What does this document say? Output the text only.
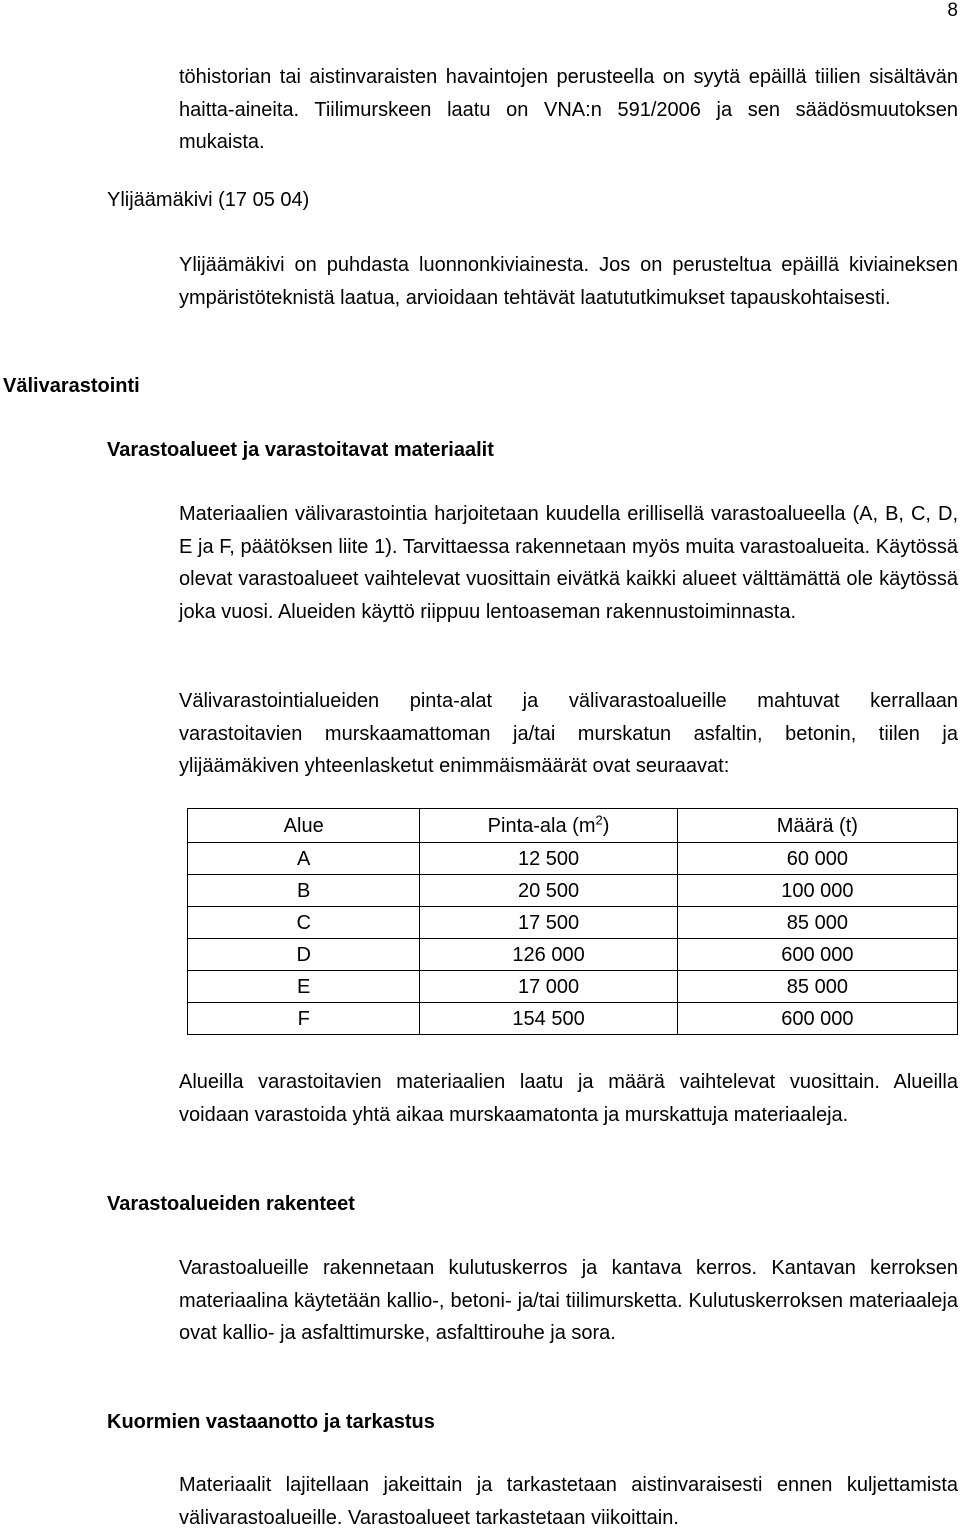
8

töhistorian tai aistinvaraisten havaintojen perusteella on syytä epäillä tiilien sisältävän haitta-aineita. Tiilimurskeen laatu on VNA:n 591/2006 ja sen säädösmuutoksen mukaista.

Ylijäämäkivi (17 05 04)

Ylijäämäkivi on puhdasta luonnonkiviainesta. Jos on perusteltua epäillä kiviaineksen ympäristöteknistä laatua, arvioidaan tehtävät laatututkimukset tapauskohtaisesti.

Välivarastointi
Varastoalueet ja varastoitavat materiaalit

Materiaalien välivarastointia harjoitetaan kuudella erillisellä varastoalueella (A, B, C, D, E ja F, päätöksen liite 1). Tarvittaessa rakennetaan myös muita varastoalueita. Käytössä olevat varastoalueet vaihtelevat vuosittain eivätkä kaikki alueet välttämättä ole käytössä joka vuosi. Alueiden käyttö riippuu lentoaseman rakennustoiminnasta.

Välivarastointialueiden pinta-alat ja välivarastoalueille mahtuvat kerrallaan varastoitavien murskaamattoman ja/tai murskatun asfaltin, betonin, tiilen ja ylijäämäkiven yhteenlasketut enimmäismäärät ovat seuraavat:

Alue	Pinta-ala $(m^2)$	Määrä (t)
A	12 500	60 000
B	20 500	100 000
C	17 500	85 000
D	126 000	600 000
E	17 000	85 000
F	154 500	600 000

Alueilla varastoitavien materiaalien laatu ja määrä vaihtelevat vuosittain. Alueilla voidaan varastoida yhtä aikaa murskaamatonta ja murskattuja materiaaleja.

Varastoalueiden rakenteet

Varastoalueille rakennetaan kulutuskerros ja kantava kerros. Kantavan kerroksen materiaalina käytetään kallio-, betoni- ja/tai tiilimursketta. Kulutuskerroksen materiaaleja ovat kallio- ja asfalttimurske, asfalttirouhe ja sora.

Kuormien vastaanotto ja tarkastus

Materiaalit lajitellaan jakeittain ja tarkastetaan aistinvaraisesti ennen kuljettamista välivarastoalueille. Varastoalueet tarkastetaan viikoittain.
